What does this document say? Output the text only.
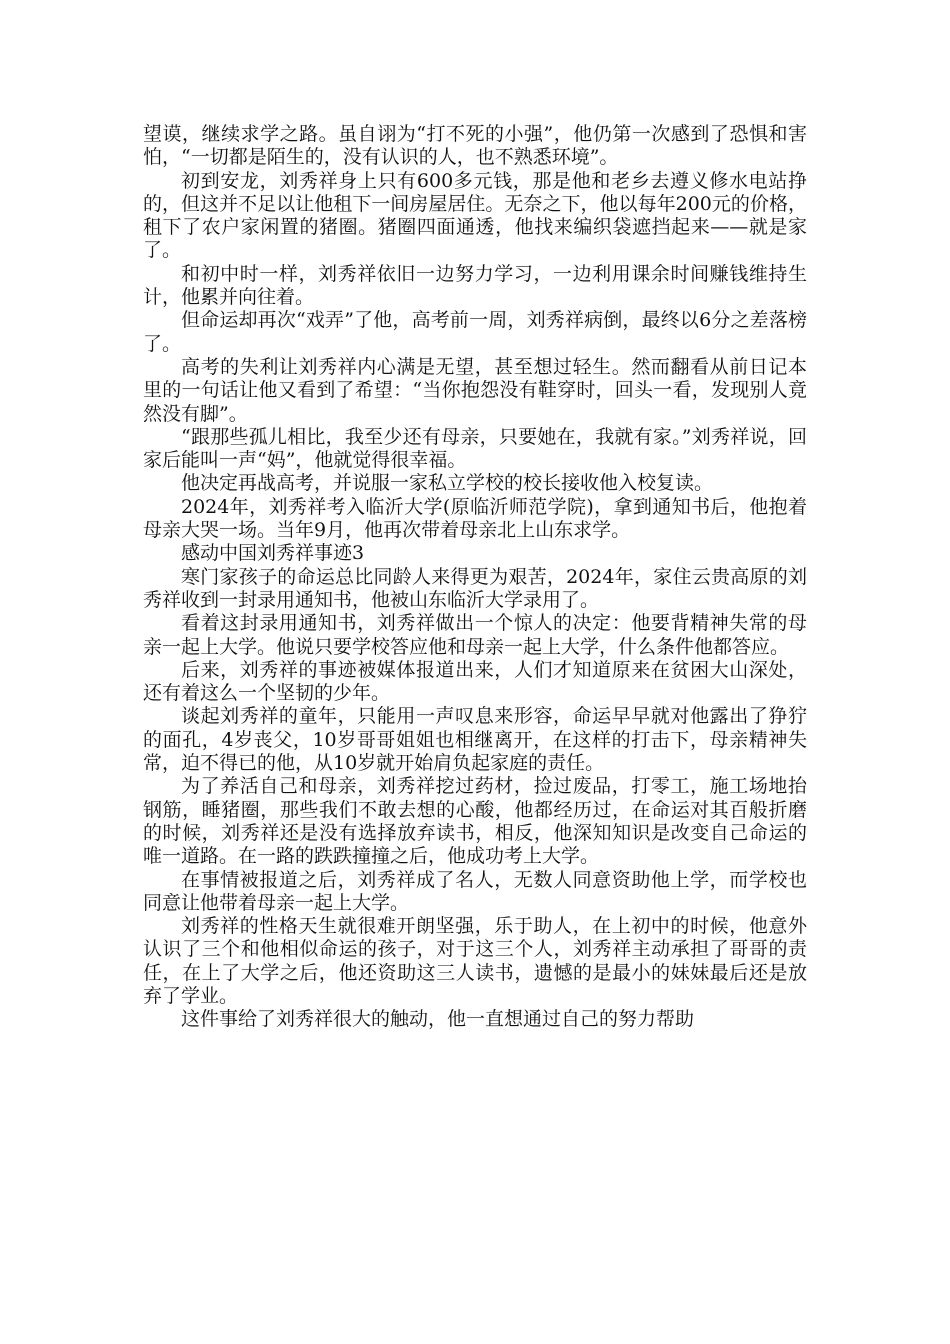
望谟，继续求学之路。虽自诩为“打不死的小强”，他仍第一次感到了恐惧和害怕，“一切都是陌生的，没有认识的人，也不熟悉环境”。

初到安龙，刘秀祥身上只有600多元钱，那是他和老乡去遵义修水电站挣的，但这并不足以让他租下一间房屋居住。无奈之下，他以每年200元的价格，租下了农户家闲置的猪圈。猪圈四面通透，他找来编织袋遮挡起来——就是家了。

和初中时一样，刘秀祥依旧一边努力学习，一边利用课余时间赚钱维持生计，他累并向往着。

但命运却再次“戏弄”了他，高考前一周，刘秀祥病倒，最终以6分之差落榜了。

高考的失利让刘秀祥内心满是无望，甚至想过轻生。然而翻看从前日记本里的一句话让他又看到了希望：“当你抱怨没有鞋穿时，回头一看，发现别人竟然没有脚”。

“跟那些孤儿相比，我至少还有母亲，只要她在，我就有家。”刘秀祥说，回家后能叫一声“妈”，他就觉得很幸福。

他决定再战高考，并说服一家私立学校的校长接收他入校复读。

2024年，刘秀祥考入临沂大学(原临沂师范学院)，拿到通知书后，他抱着母亲大哭一场。当年9月，他再次带着母亲北上山东求学。

感动中国刘秀祥事迹3

寒门家孩子的命运总比同龄人来得更为艰苦，2024年，家住云贵高原的刘秀祥收到一封录用通知书，他被山东临沂大学录用了。

看着这封录用通知书，刘秀祥做出一个惊人的决定：他要背精神失常的母亲一起上大学。他说只要学校答应他和母亲一起上大学，什么条件他都答应。

后来，刘秀祥的事迹被媒体报道出来，人们才知道原来在贫困大山深处，还有着这么一个坚韧的少年。

谈起刘秀祥的童年，只能用一声叹息来形容，命运早早就对他露出了狰狞的面孔，4岁丧父，10岁哥哥姐姐也相继离开，在这样的打击下，母亲精神失常，迫不得已的他，从10岁就开始肩负起家庭的责任。

为了养活自己和母亲，刘秀祥挖过药材，捡过废品，打零工，施工场地抬钢筋，睡猪圈，那些我们不敢去想的心酸，他都经历过，在命运对其百般折磨的时候，刘秀祥还是没有选择放弃读书，相反，他深知知识是改变自己命运的唯一道路。在一路的跌跌撞撞之后，他成功考上大学。

在事情被报道之后，刘秀祥成了名人，无数人同意资助他上学，而学校也同意让他带着母亲一起上大学。

刘秀祥的性格天生就很难开朗坚强，乐于助人，在上初中的时候，他意外认识了三个和他相似命运的孩子，对于这三个人，刘秀祥主动承担了哥哥的责任，在上了大学之后，他还资助这三人读书，遗憾的是最小的妹妹最后还是放弃了学业。

这件事给了刘秀祥很大的触动，他一直想通过自己的努力帮助
